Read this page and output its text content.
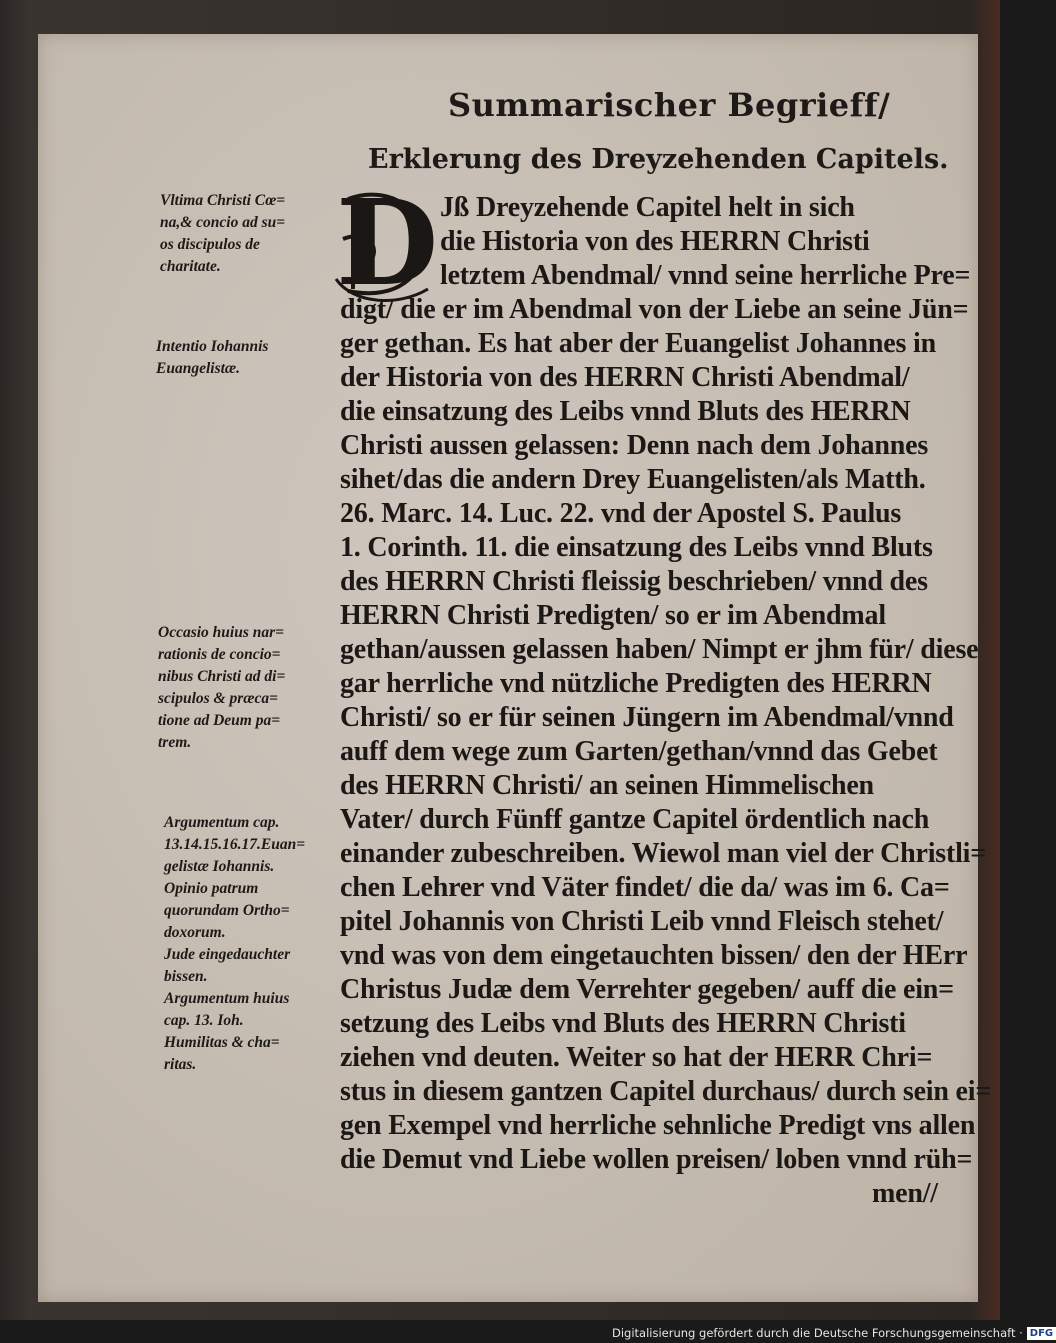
Summarischer Begrieff/
Erklerung des Dreyzehenden Capitels.
D Jß Dreyzehende Capitel helt in sich
die Historia von des HERRN Christi
letztem Abendmal/ vnnd seine herrliche Pre=
digt/ die er im Abendmal von der Liebe an seine Jün=
ger gethan. Es hat aber der Euangelist Johannes in
der Historia von des HERRN Christi Abendmal/
die einsatzung des Leibs vnnd Bluts des HERRN
Christi aussen gelassen: Denn nach dem Johannes
sihet/das die andern Drey Euangelisten/als Matth.
26. Marc. 14. Luc. 22. vnd der Apostel S. Paulus
1. Corinth. 11. die einsatzung des Leibs vnnd Bluts
des HERRN Christi fleissig beschrieben/ vnnd des
HERRN Christi Predigten/ so er im Abendmal
gethan/aussen gelassen haben/ Nimpt er jhm für/ diese
gar herrliche vnd nützliche Predigten des HERRN
Christi/ so er für seinen Jüngern im Abendmal/vnnd
auff dem wege zum Garten/gethan/vnnd das Gebet
des HERRN Christi/ an seinen Himmelischen
Vater/ durch Fünff gantze Capitel ördentlich nach
einander zubeschreiben. Wiewol man viel der Christli=
chen Lehrer vnd Väter findet/ die da/ was im 6. Ca=
pitel Johannis von Christi Leib vnnd Fleisch stehet/
vnd was von dem eingetauchten bissen/ den der HErr
Christus Judæ dem Verrehter gegeben/ auff die ein=
setzung des Leibs vnd Bluts des HERRN Christi
ziehen vnd deuten. Weiter so hat der HERR Chri=
stus in diesem gantzen Capitel durchaus/ durch sein ei=
gen Exempel vnd herrliche sehnliche Predigt vns allen
die Demut vnd Liebe wollen preisen/ loben vnnd rüh=
men//
Vltima Christi Cœ=
na,& concio ad su=
os discipulos de
charitate.
Intentio Iohannis
Euangelistæ.
Occasio huius nar=
rationis de concio=
nibus Christi ad di=
scipulos & præca=
tione ad Deum pa=
trem.
Argumentum cap.
13.14.15.16.17.Euan=
gelistæ Iohannis.
Opinio patrum
quorundam Ortho=
doxorum.
Jude eingedauchter
bissen.
Argumentum huius
cap. 13. Ioh.
Humilitas & cha=
ritas.
Digitalisierung gefördert durch die Deutsche Forschungsgemeinschaft · DFG
